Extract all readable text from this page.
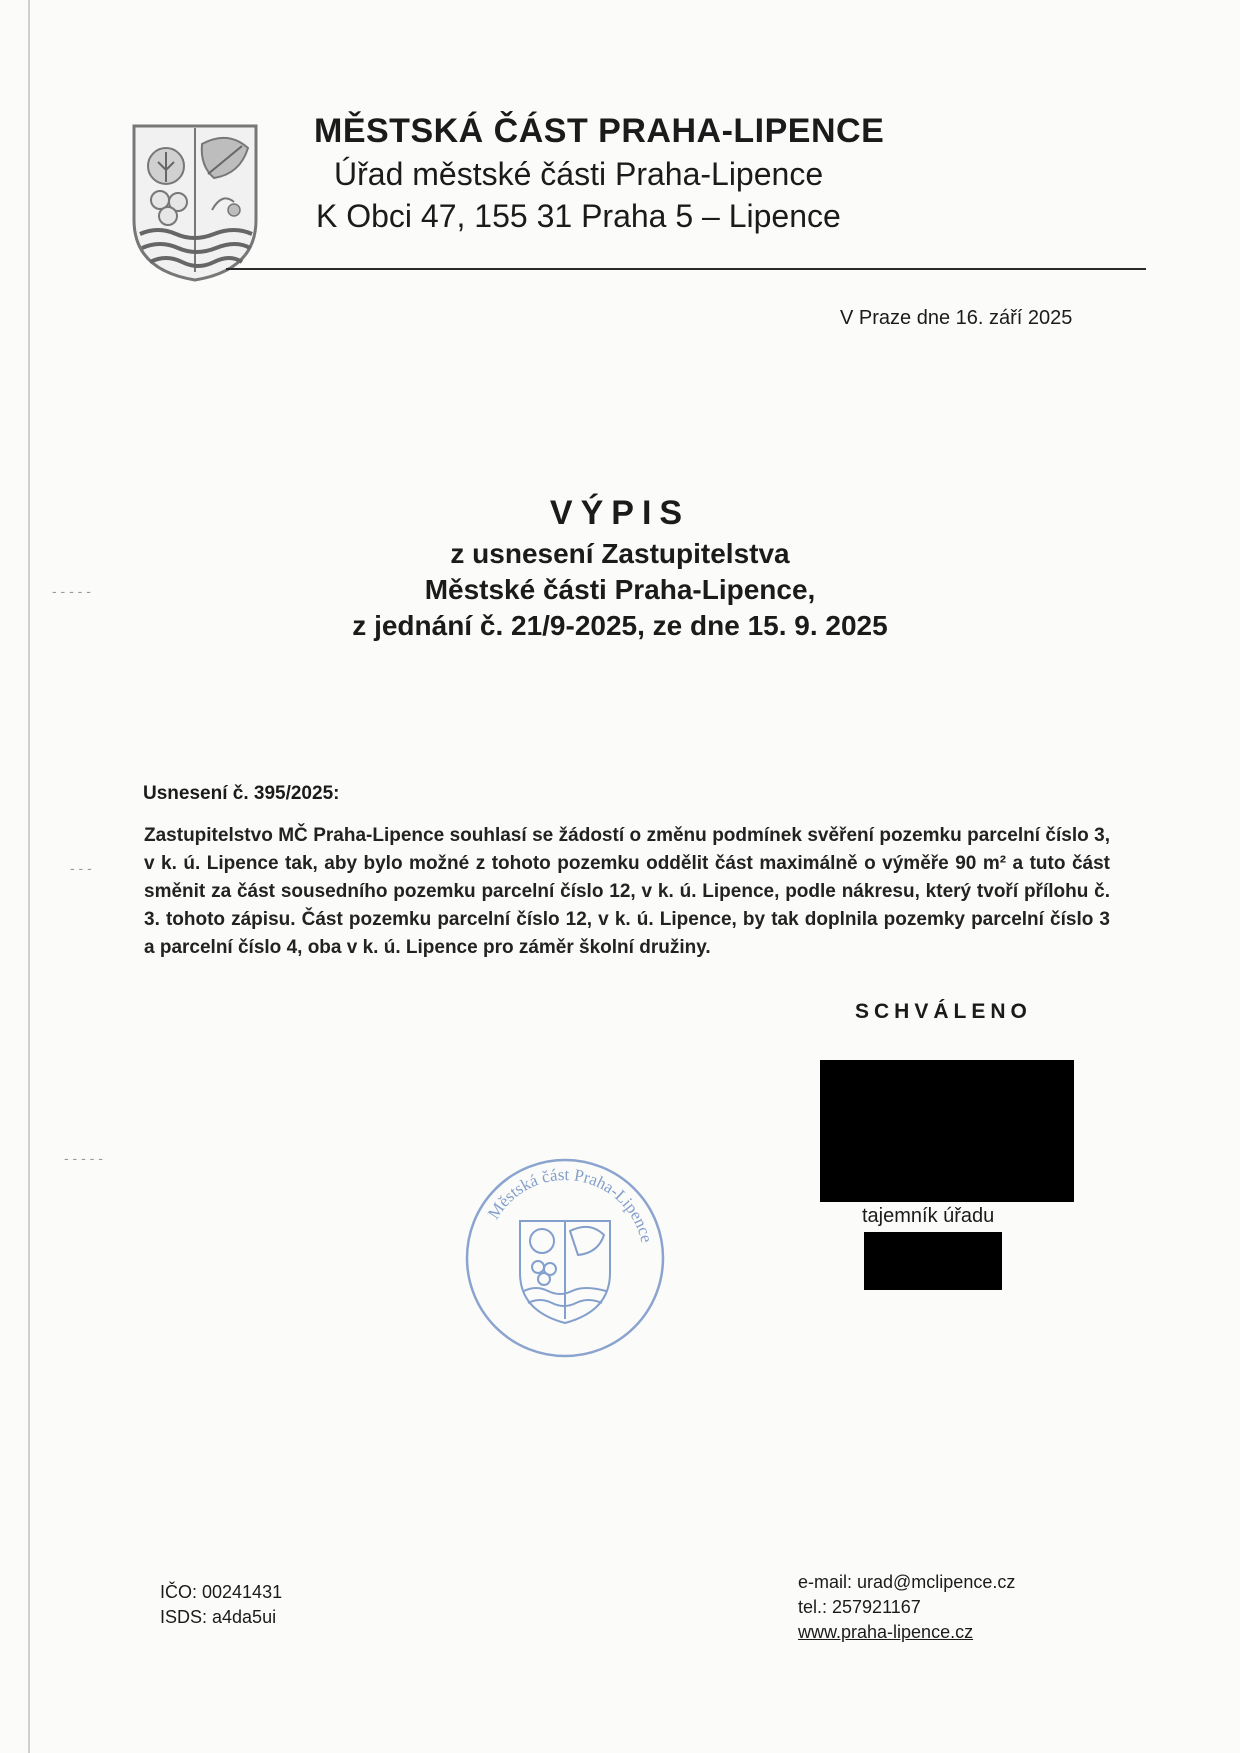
MĚSTSKÁ ČÁST PRAHA-LIPENCE
Úřad městské části Praha-Lipence
K Obci 47, 155 31 Praha 5 – Lipence
V Praze dne 16. září 2025
VÝPIS
z usnesení Zastupitelstva
Městské části Praha-Lipence,
z jednání č. 21/9-2025, ze dne 15. 9. 2025
- - - - -
- - -
- - - - -
Usnesení č. 395/2025:

Zastupitelstvo MČ Praha-Lipence souhlasí se žádostí o změnu podmínek svěření pozemku parcelní číslo 3, v k. ú. Lipence tak, aby bylo možné z tohoto pozemku oddělit část maximálně o výměře 90 m² a tuto část směnit za část sousedního pozemku parcelní číslo 12, v k. ú. Lipence, podle nákresu, který tvoří přílohu č. 3. tohoto zápisu. Část pozemku parcelní číslo 12, v k. ú. Lipence, by tak doplnila pozemky parcelní číslo 3 a parcelní číslo 4, oba v k. ú. Lipence pro záměr školní družiny.

SCHVÁLENO
tajemník úřadu
Městská část Praha-Lipence
IČO: 00241431
ISDS: a4da5ui
e-mail: urad@mclipence.cz
tel.: 257921167
www.praha-lipence.cz
